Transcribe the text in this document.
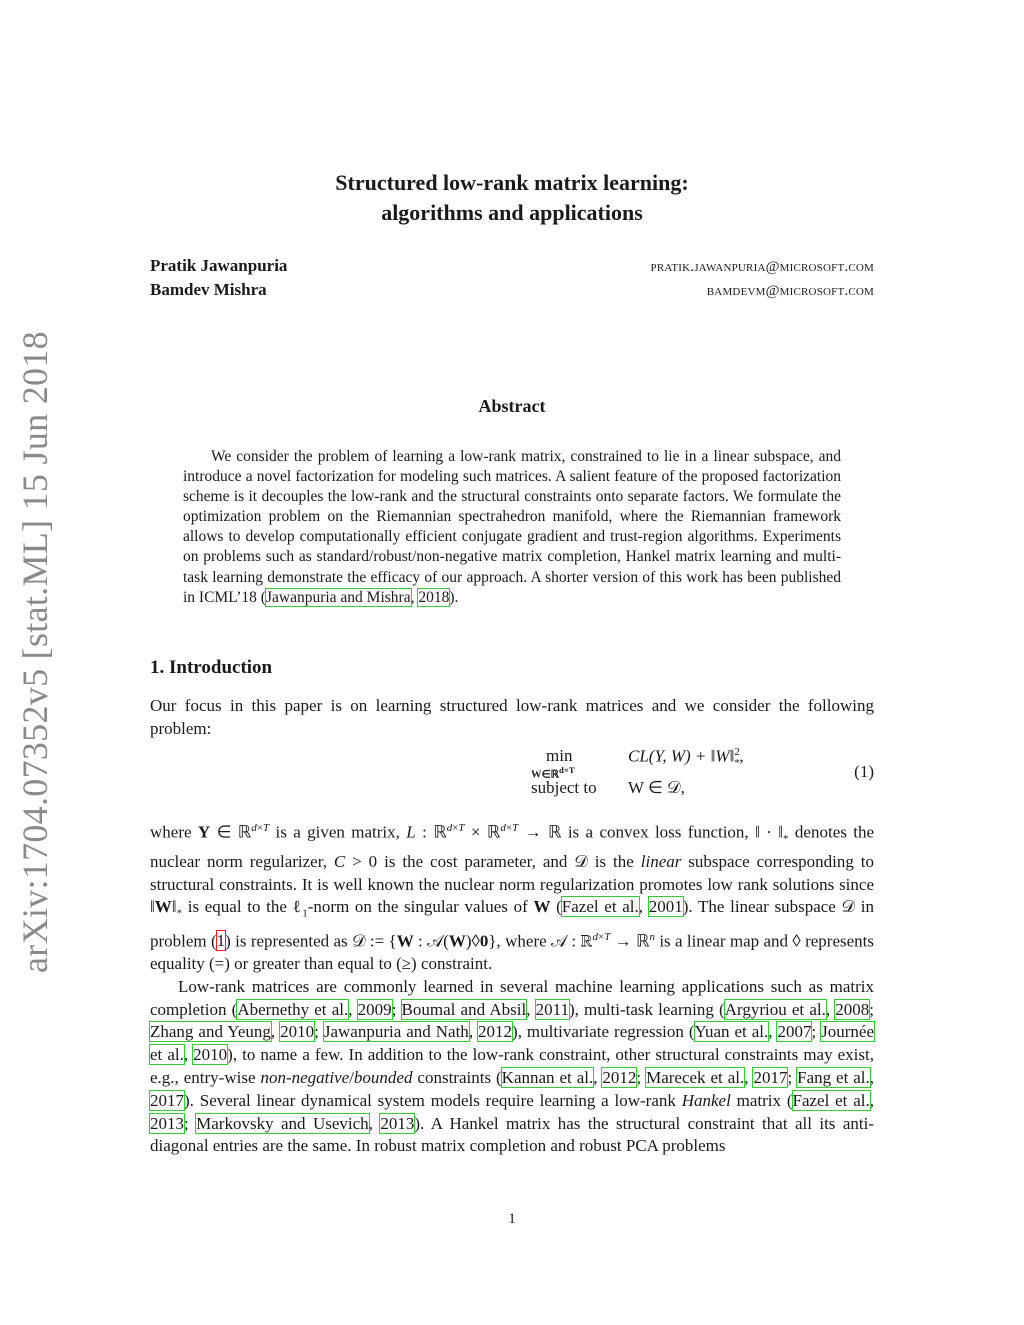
arXiv:1704.07352v5 [stat.ML] 15 Jun 2018
Structured low-rank matrix learning:
algorithms and applications
Pratik Jawanpuria	pratik.jawanpuria@microsoft.com
Bamdev Mishra	bamdevm@microsoft.com
Abstract
We consider the problem of learning a low-rank matrix, constrained to lie in a linear subspace, and introduce a novel factorization for modeling such matrices. A salient feature of the proposed factorization scheme is it decouples the low-rank and the structural constraints onto separate factors. We formulate the optimization problem on the Riemannian spectrahedron manifold, where the Riemannian framework allows to develop computationally efficient conjugate gradient and trust-region algorithms. Experiments on problems such as standard/robust/non-negative matrix completion, Hankel matrix learning and multi-task learning demonstrate the efficacy of our approach. A shorter version of this work has been published in ICML’18 (Jawanpuria and Mishra, 2018).
1. Introduction
Our focus in this paper is on learning structured low-rank matrices and we consider the following problem:
min
W∈ℝ$^{d\times T}$
CL(Y, W) + ‖W‖$^2_*$,
subject to W ∈ 𝒟,
(1)

where Y ∈ ℝ$^{d\times T}$ is a given matrix, L : ℝ$^{d\times T}$ × ℝ$^{d\times T}$ → ℝ is a convex loss function, ‖ · $‖_*$ denotes the nuclear norm regularizer, C > 0 is the cost parameter, and 𝒟 is the linear subspace corresponding to structural constraints. It is well known the nuclear norm regularization promotes low rank solutions since $‖W‖_*$ is equal to the ℓ$_1$-norm on the singular values of W (Fazel et al., 2001). The linear subspace 𝒟 in problem (1) is represented as 𝒟 := {W : 𝒜(W)◊0}, where 𝒜 : ℝ$^{d\times T}$ → ℝ$^n$ is a linear map and ◊ represents equality (=) or greater than equal to (≥) constraint.

Low-rank matrices are commonly learned in several machine learning applications such as matrix completion (Abernethy et al., 2009; Boumal and Absil, 2011), multi-task learning (Argyriou et al., 2008; Zhang and Yeung, 2010; Jawanpuria and Nath, 2012), multivariate regression (Yuan et al., 2007; Journée et al., 2010), to name a few. In addition to the low-rank constraint, other structural constraints may exist, e.g., entry-wise non-negative/bounded constraints (Kannan et al., 2012; Marecek et al., 2017; Fang et al., 2017). Several linear dynamical system models require learning a low-rank Hankel matrix (Fazel et al., 2013; Markovsky and Usevich, 2013). A Hankel matrix has the structural constraint that all its anti-diagonal entries are the same. In robust matrix completion and robust PCA problems

1
